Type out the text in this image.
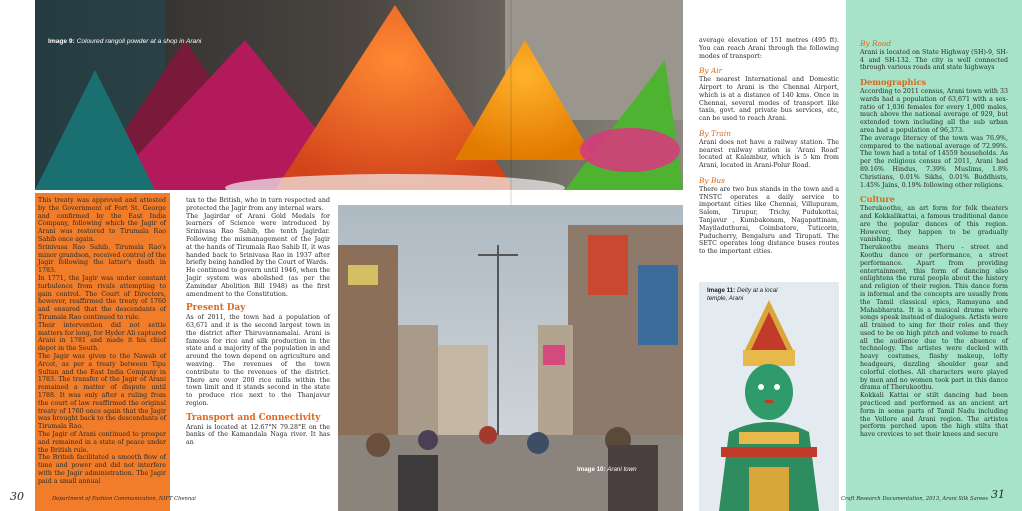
Image 9: Coloured rangoli powder at a shop in Arani

This treaty was approved and attested by the Government of Fort St. George and confirmed by the East India Company, following which the Jagir of Arani was restored to Tirumala Rao Sahib once again.

Srinivasa Rao Sahib, Tirumala Rao's minor grandson, received control of the Jagir following the latter's death in 1783.

In 1771, the Jagir was under constant turbulence from rivals attempting to gain control. The Court of Directors, however, reaffirmed the treaty of 1760 and ensured that the descendants of Tirumala Rao continued to rule.

Their intervention did not settle matters for long, for Hyder Ali captured Arani in 1781 and made it his chief depot in the South.

The Jagir was given to the Nawab of Arcot, as per a treaty between Tipu Sultan and the East India Company in 1783. The transfer of the Jagir of Arani remained a matter of dispute until 1788. It was only after a ruling from the court of law reaffirmed the original treaty of 1760 once again that the Jagir was brought back to the descendants of Tirumala Rao.

The Jagir of Arani continued to prosper and remained in a state of peace under the British rule.

The British facilitated a smooth flow of time and power and did not interfere with the Jagir administration. The Jagir paid a small annual

tax to the British, who in turn respected and protected the Jagir from any internal wars.

The Jagirdar of Arani Gold Medals for learners of Science were introduced by Srinivasa Rao Sahib, the tenth Jagirdar. Following the mismanagement of the Jagir at the hands of Tirumala Rao Sahib II, it was handed back to Srinivasa Rao in 1937 after briefly being handled by the Court of Wards.

He continued to govern until 1946, when the Jagir system was abolished (as per the Zamindar Abolition Bill 1948) as the first amendment to the Constitution.

Present Day

As of 2011, the town had a population of 63,671 and it is the second largest town in the district after Thiruvannamalai. Arani is famous for rice and silk production in the state and a majority of the population in and around the town depend on agriculture and weaving. The revenues of the town contribute to the revenues of the district. There are over 200 rice mills within the town limit and it stands second in the state to produce rice next to the Thanjavur region.

Transport and Connectivity

Arani is located at 12.67°N 79.28°E on the banks of the Kamandala Naga river. It has an

Image 10: Arani town

average elevation of 151 metres (495 ft). You can reach Arani through the following modes of transport:

By Air

The nearest International and Domestic Airport to Arani is the Chennai Airport, which is at a distance of 140 kms. Once in Chennai, several modes of transport like taxis, govt. and private bus services, etc, can be used to reach Arani.

By Train

Arani does not have a railway station. The nearest railway station is 'Arani Road' located at Kalambur, which is 5 km from Arani, located in Arani-Polur Road.

By Bus

There are two bus stands in the town and a TNSTC operates a daily service to important cities like Chennai, Villupuram, Salem, Tirupur, Trichy, Pudukottai, Tanjavur , Kumbakonam, Nagapattinam, Mayiladuthurai, Coimbatore, Tuticorin, Puducherry, Bengaluru and Tirupati. The SETC operates long distance buses routes to the important cities.

Image 11: Deity at a local temple, Arani
By Road

Arani is located on State Highway (SH)-9, SH-4 and SH-132. The city is well connected through various roads and state highways

Demographics

According to 2011 census, Arani town with 33 wards had a population of 63,671 with a sex-ratio of 1,036 females for every 1,000 males, much above the national average of 929, but extended town including all the sub urban area had a population of 96,373.

The average literacy of the town was 76.9%, compared to the national average of 72.99%. The town had a total of 14559 households. As per the religious census of 2011, Arani had 89.16% Hindus, 7.39% Muslims, 1.8% Christians, 0.01% Sikhs, 0.01% Buddhists, 1.45% Jains, 0.19% following other religions.

Culture

Therukoothu, an art form for folk theaters and Kokkalikattai, a famous traditional dance are the popular dances of this region. However, they happen to be gradually vanishing.

Therukoothu means Theru - street and Koothu dance or performance, a street performance. Apart from providing entertainment, this form of dancing also enlightens the rural people about the history and religion of their region. This dance form is informal and the concepts are usually from the Tamil classical epics, Ramayana and Mahabharata. It is a musical drama where songs speak instead of dialogues. Artists were all trained to sing for their roles and they used to be on high pitch and volume to reach all the audience due to the absence of technology. The artistes were decked with heavy costumes, flashy makeup, lofty headgears, dazzling shoulder gear and colorful clothes. All characters were played by men and no women took part in this dance drama of Therukoothu.

Kokkali Kattai or stilt dancing had been practiced and performed as an ancient art form in some parts of Tamil Nadu including the Vellore and Arani region. The artistes perform perched upon the high stilts that have crevices to set their knees and secure

30	Department of Fashion Communication, NIFT Chennai	Craft Research Documentation, 2013, Arani Silk Sarees 31
